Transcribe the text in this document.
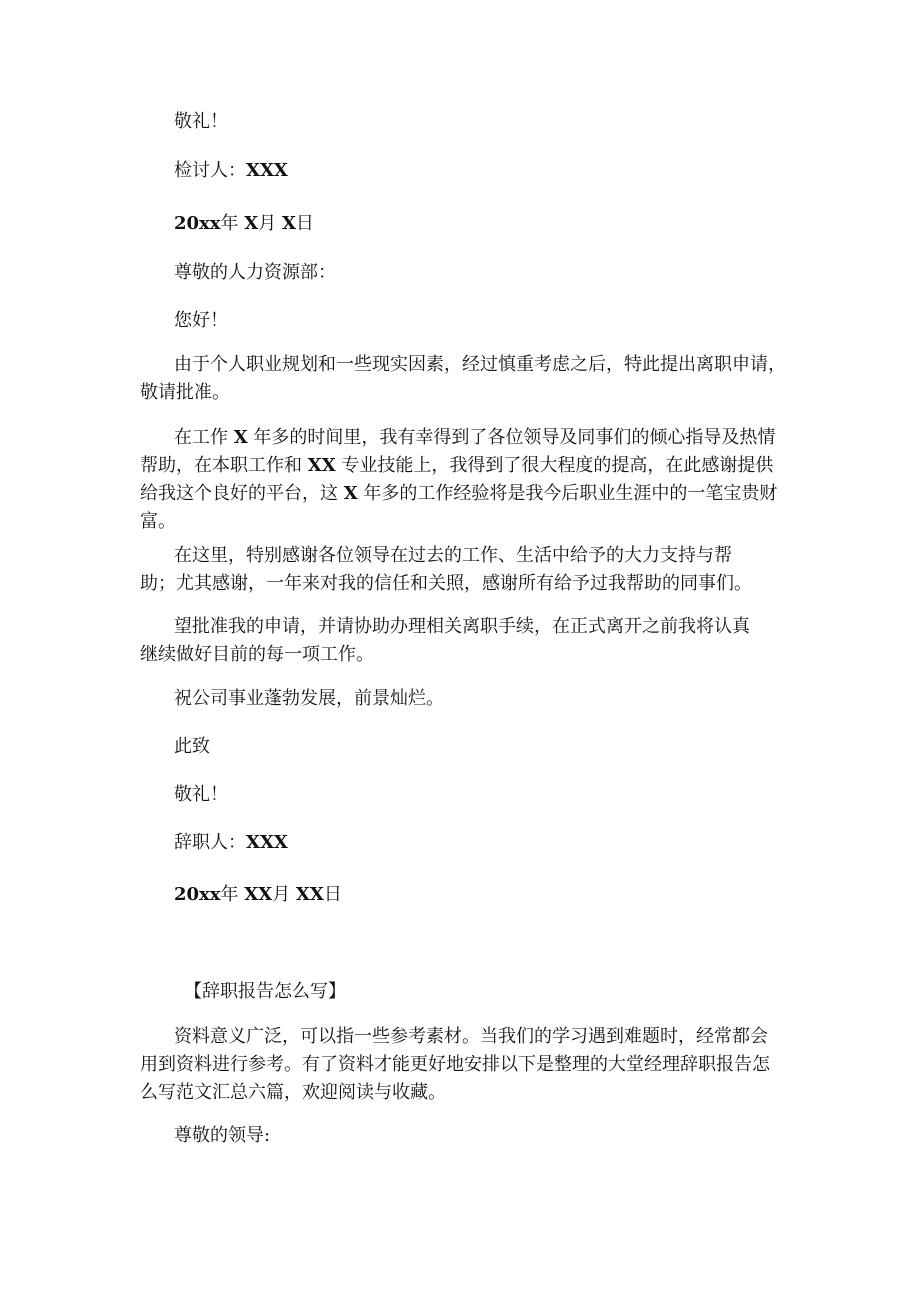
敬礼！
检讨人：XXX
20xx年 X月 X日
尊敬的人力资源部：
您好！
由于个人职业规划和一些现实因素，经过慎重考虑之后，特此提出离职申请，
敬请批准。
在工作 X 年多的时间里，我有幸得到了各位领导及同事们的倾心指导及热情
帮助，在本职工作和 XX 专业技能上，我得到了很大程度的提高，在此感谢提供
给我这个良好的平台，这 X 年多的工作经验将是我今后职业生涯中的一笔宝贵财
富。
在这里，特别感谢各位领导在过去的工作、生活中给予的大力支持与帮
助；尤其感谢，一年来对我的信任和关照，感谢所有给予过我帮助的同事们。
望批准我的申请，并请协助办理相关离职手续，在正式离开之前我将认真
继续做好目前的每一项工作。
祝公司事业蓬勃发展，前景灿烂。
此致
敬礼！
辞职人：XXX
20xx年 XX月 XX日
【辞职报告怎么写】
资料意义广泛，可以指一些参考素材。当我们的学习遇到难题时，经常都会
用到资料进行参考。有了资料才能更好地安排以下是整理的大堂经理辞职报告怎
么写范文汇总六篇，欢迎阅读与收藏。
尊敬的领导:
